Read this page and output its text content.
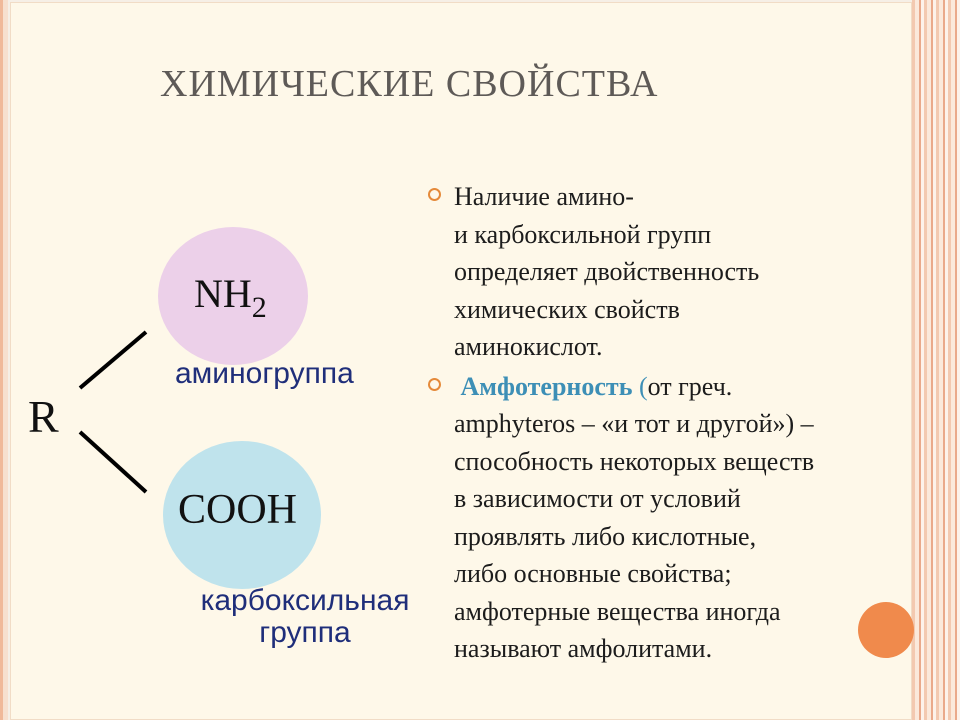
ХИМИЧЕСКИЕ СВОЙСТВА
R
$NH_2$
аминогруппа
COOH
карбоксильная
группа
Наличие амино-
и карбоксильной групп
определяет двойственность
химических свойств
аминокислот.
Амфотерность (от греч.
amphyteros – «и тот и другой») –
способность некоторых веществ
в зависимости от условий
проявлять либо кислотные,
либо основные свойства;
амфотерные вещества иногда
называют амфолитами.
